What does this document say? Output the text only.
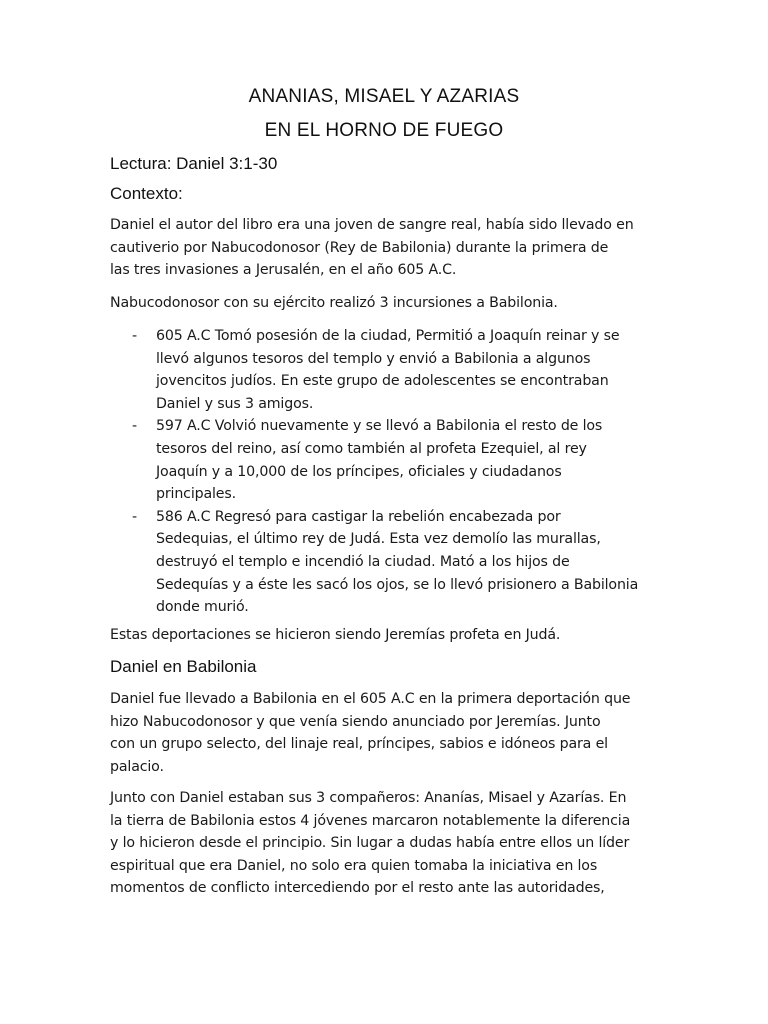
ANANIAS, MISAEL Y AZARIAS
EN EL HORNO DE FUEGO
Lectura: Daniel 3:1-30
Contexto:

Daniel el autor del libro era una joven de sangre real, había sido llevado en
cautiverio por Nabucodonosor (Rey de Babilonia) durante la primera de
las tres invasiones a Jerusalén, en el año 605 A.C.

Nabucodonosor con su ejército realizó 3 incursiones a Babilonia.

- 605 A.C Tomó posesión de la ciudad, Permitió a Joaquín reinar y se
llevó algunos tesoros del templo y envió a Babilonia a algunos
jovencitos judíos. En este grupo de adolescentes se encontraban
Daniel y sus 3 amigos.
- 597 A.C Volvió nuevamente y se llevó a Babilonia el resto de los
tesoros del reino, así como también al profeta Ezequiel, al rey
Joaquín y a 10,000 de los príncipes, oficiales y ciudadanos
principales.
- 586 A.C Regresó para castigar la rebelión encabezada por
Sedequias, el último rey de Judá. Esta vez demolío las murallas,
destruyó el templo e incendió la ciudad. Mató a los hijos de
Sedequías y a éste les sacó los ojos, se lo llevó prisionero a Babilonia
donde murió.

Estas deportaciones se hicieron siendo Jeremías profeta en Judá.

Daniel en Babilonia

Daniel fue llevado a Babilonia en el 605 A.C en la primera deportación que
hizo Nabucodonosor y que venía siendo anunciado por Jeremías. Junto
con un grupo selecto, del linaje real, príncipes, sabios e idóneos para el
palacio.

Junto con Daniel estaban sus 3 compañeros: Ananías, Misael y Azarías. En
la tierra de Babilonia estos 4 jóvenes marcaron notablemente la diferencia
y lo hicieron desde el principio. Sin lugar a dudas había entre ellos un líder
espiritual que era Daniel, no solo era quien tomaba la iniciativa en los
momentos de conflicto intercediendo por el resto ante las autoridades,
